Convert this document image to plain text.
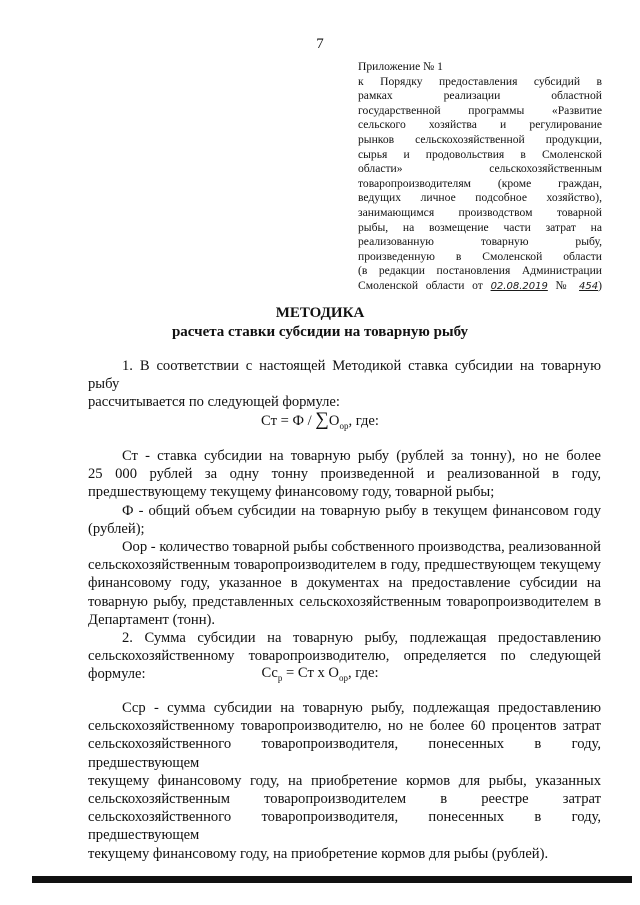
7
Приложение № 1
к Порядку предоставления субсидий в
рамках реализации областной
государственной программы «Развитие
сельского хозяйства и регулирование
рынков сельскохозяйственной продукции,
сырья и продовольствия в Смоленской
области» сельскохозяйственным
товаропроизводителям (кроме граждан,
ведущих личное подсобное хозяйство),
занимающимся производством товарной
рыбы, на возмещение части затрат на
реализованную товарную рыбу,
произведенную в Смоленской области
(в редакции постановления Администрации
Смоленской области от 02.08.2019 № 454)
МЕТОДИКА
расчета ставки субсидии на товарную рыбу
1. В соответствии с настоящей Методикой ставка субсидии на товарную рыбу
рассчитывается по следующей формуле:
Ст = Ф / $\sum О_{ор}$, где:
Ст - ставка субсидии на товарную рыбу (рублей за тонну), но не более
25 000 рублей за одну тонну произведенной и реализованной в году,
предшествующему текущему финансовому году, товарной рыбы;
Ф - общий объем субсидии на товарную рыбу в текущем финансовом году
(рублей);
Оор - количество товарной рыбы собственного производства, реализованной
сельскохозяйственным товаропроизводителем в году, предшествующем текущему
финансовому году, указанное в документах на предоставление субсидии на
товарную рыбу, представленных сельскохозяйственным товаропроизводителем в
Департамент (тонн).
2. Сумма субсидии на товарную рыбу, подлежащая предоставлению
сельскохозяйственному товаропроизводителю, определяется по следующей
формуле:	$Сс_р$ = Ст х $О_{ор}$, где:
Сср - сумма субсидии на товарную рыбу, подлежащая предоставлению
сельскохозяйственному товаропроизводителю, но не более 60 процентов затрат
сельскохозяйственного товаропроизводителя, понесенных в году, предшествующем
текущему финансовому году, на приобретение кормов для рыбы, указанных
сельскохозяйственным товаропроизводителем в реестре затрат
сельскохозяйственного товаропроизводителя, понесенных в году, предшествующем
текущему финансовому году, на приобретение кормов для рыбы (рублей).
